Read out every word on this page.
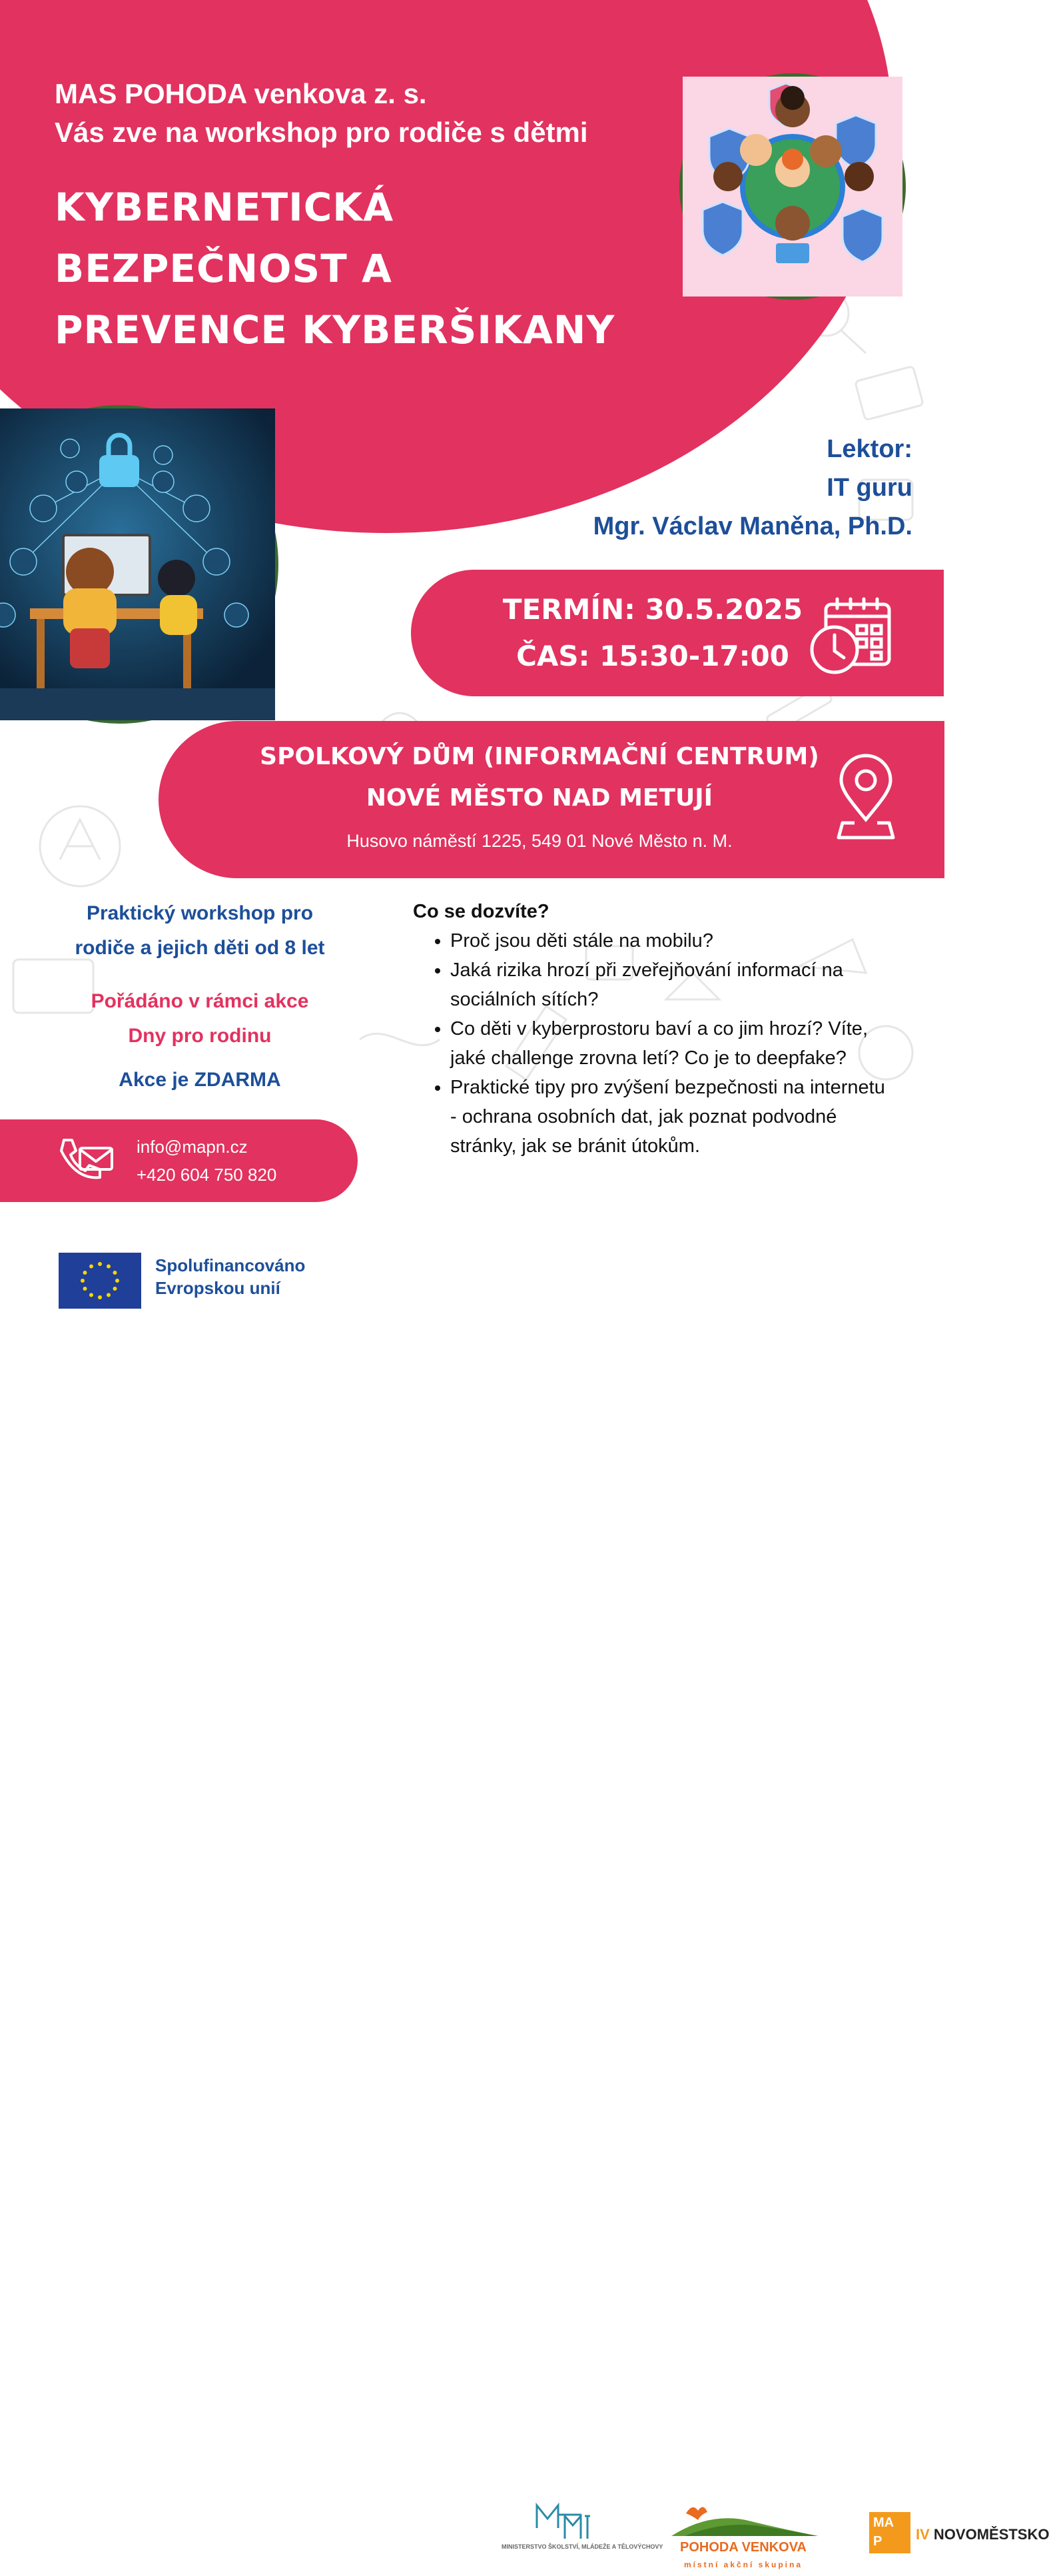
MAS POHODA venkova z. s.
Vás zve na workshop pro rodiče s dětmi
KYBERNETICKÁ
BEZPEČNOST A
PREVENCE KYBERŠIKANY
Lektor:
IT guru
Mgr. Václav Maněna, Ph.D.
TERMÍN: 30.5.2025
ČAS: 15:30-17:00
SPOLKOVÝ DŮM (INFORMAČNÍ CENTRUM)
NOVÉ MĚSTO NAD METUJÍ
Husovo náměstí 1225, 549 01 Nové Město n. M.
Praktický workshop pro
rodiče a jejich děti od 8 let
Pořádáno v rámci akce
Dny pro rodinu
Akce je ZDARMA
info@mapn.cz
+420 604 750 820
Co se dozvíte?
• Proč jsou děti stále na mobilu?
• Jaká rizika hrozí při zveřejňování informací na sociálních sítích?
• Co děti v kyberprostoru baví a co jim hrozí? Víte, jaké challenge zrovna letí? Co je to deepfake?
• Praktické tipy pro zvýšení bezpečnosti na internetu - ochrana osobních dat, jak poznat podvodné stránky, jak se bránit útokům.
Spolufinancováno
Evropskou unií
MINISTERSTVO ŠKOLSTVÍ, MLÁDEŽE A TĚLOVÝCHOVY	POHODA VENKOVA
místní akční skupina
MA
P	IV NOVOMĚSTSKO
